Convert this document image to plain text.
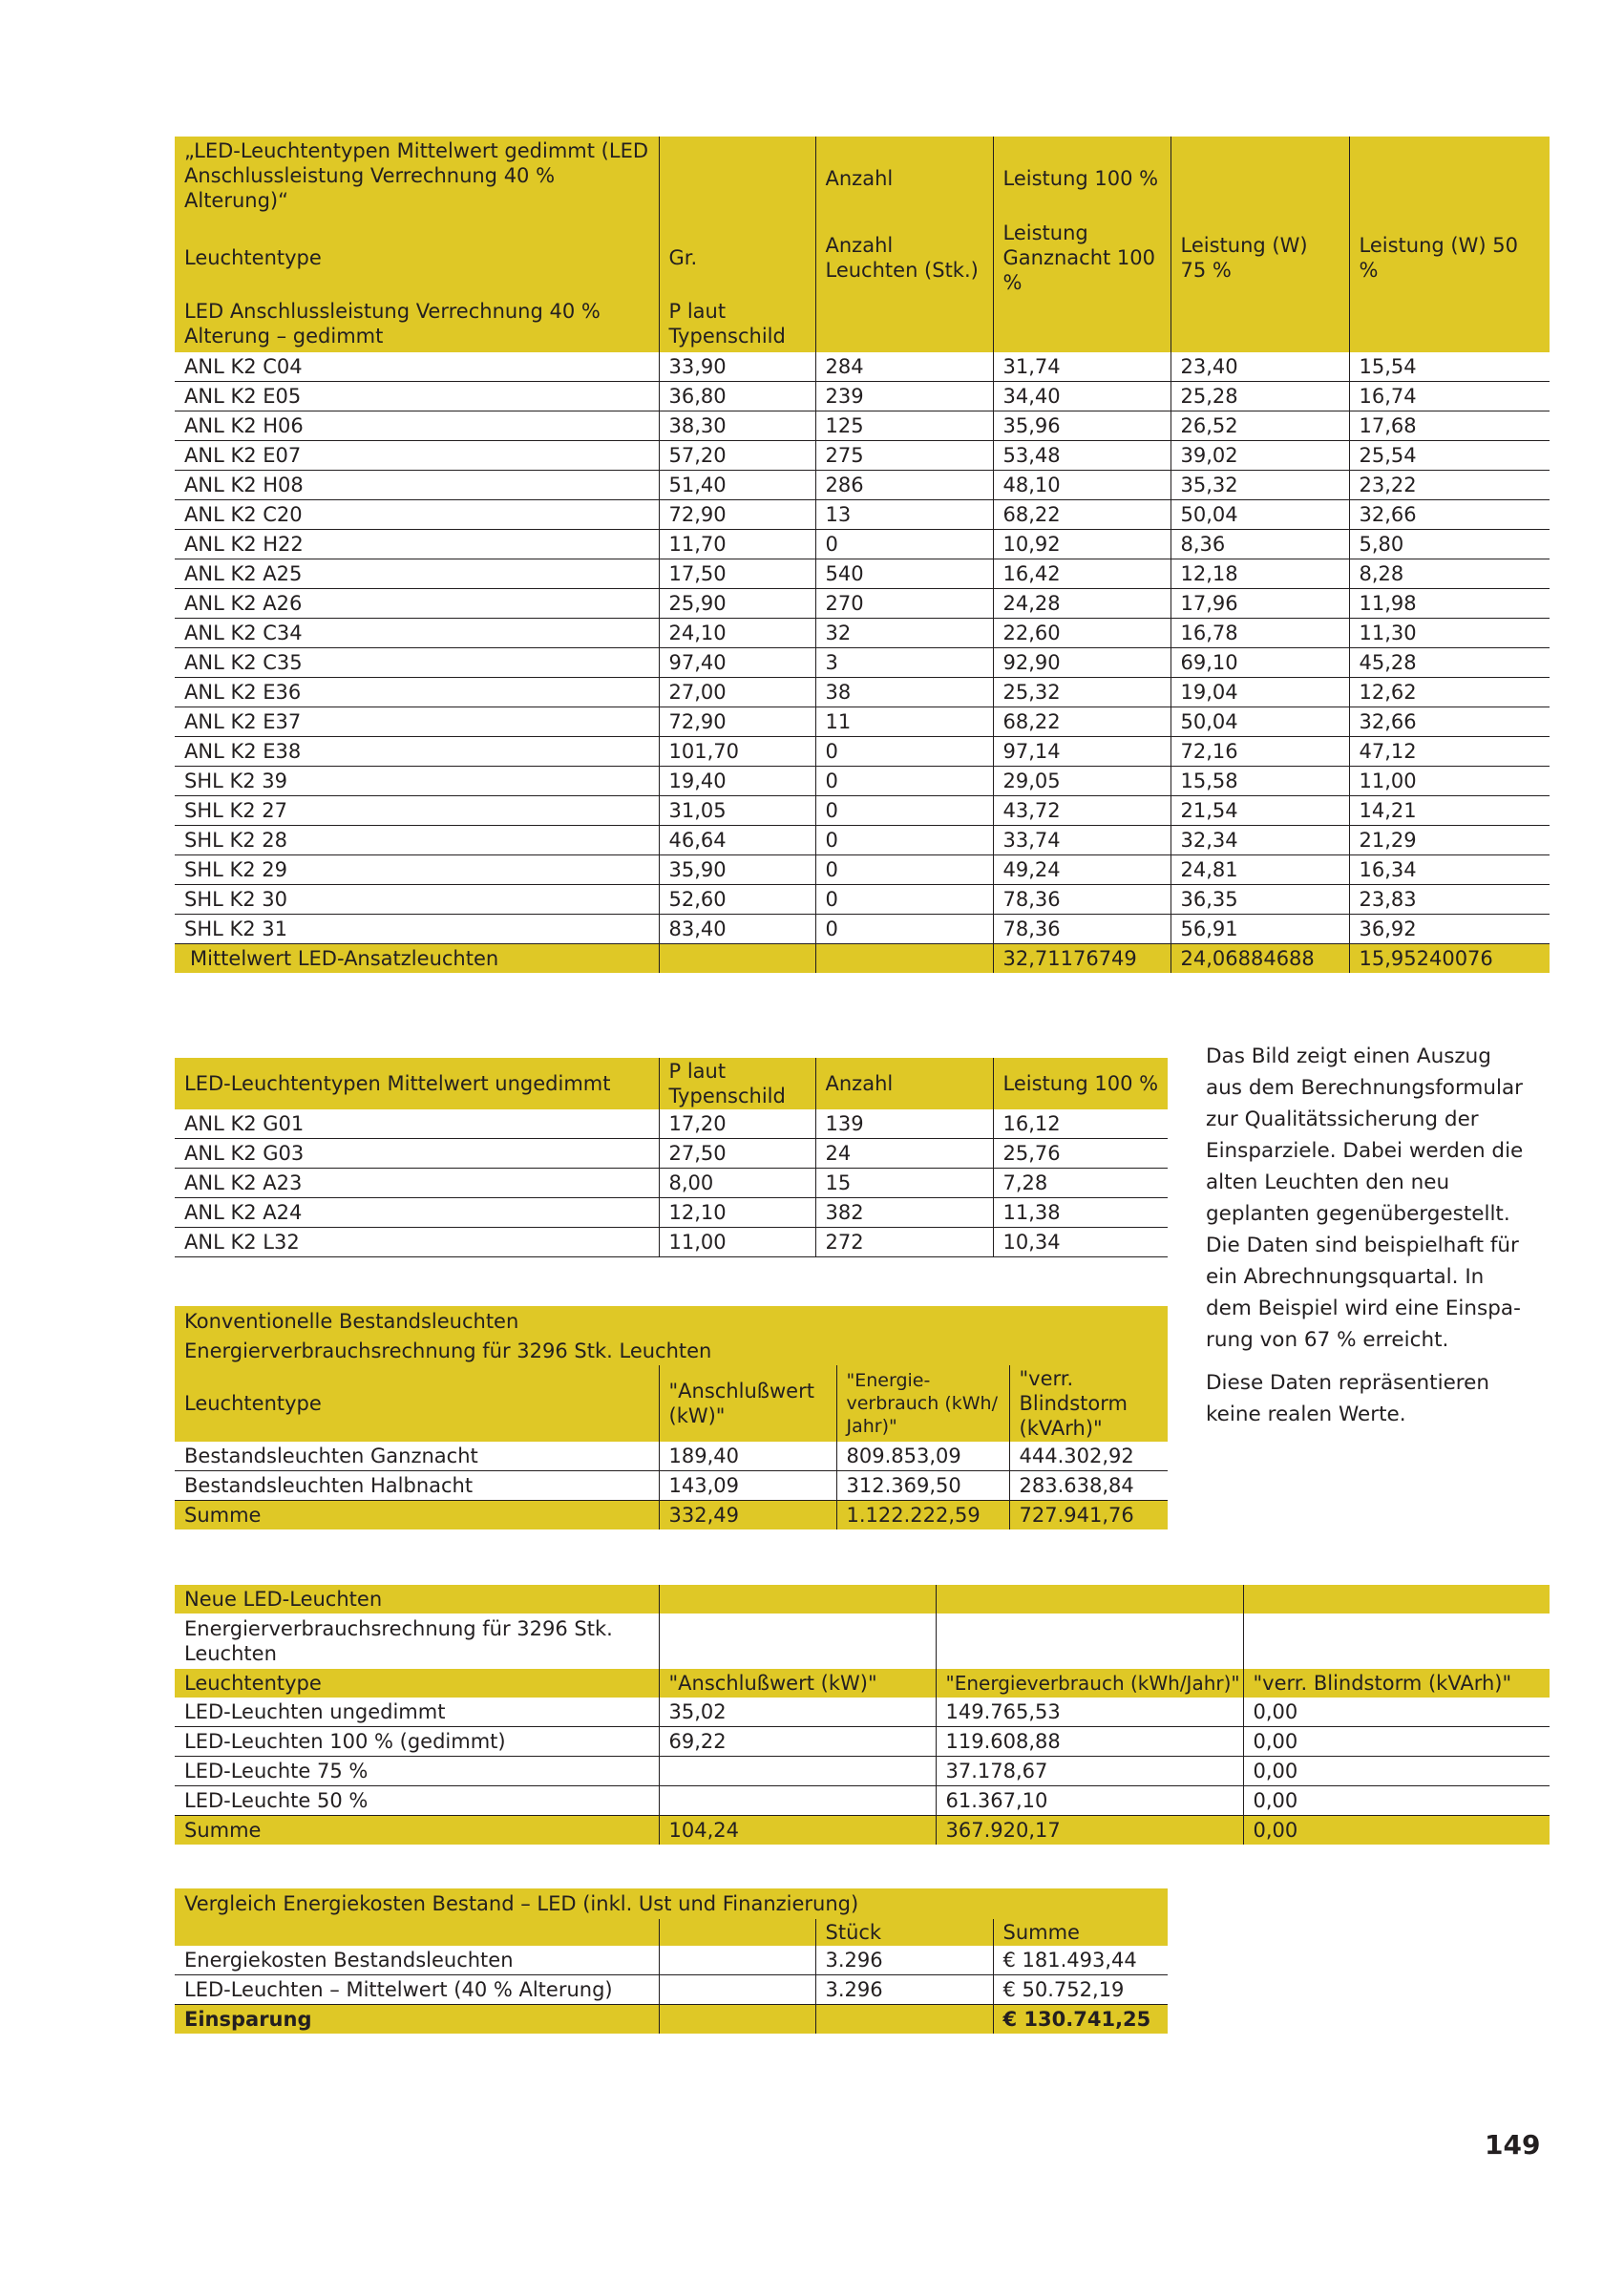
„LED-Leuchtentypen Mittelwert gedimmt (LED Anschlussleistung Verrechnung 40 % Alterung)“		Anzahl	Leistung 100 %		
Leuchtentype	Gr.	Anzahl Leuchten (Stk.)	Leistung Ganznacht 100 %	Leistung (W) 75 %	Leistung (W) 50 %
LED Anschlussleistung Verrechnung 40 % Alterung – gedimmt	P laut Typenschild				
ANL K2 C04	33,90	284	31,74	23,40	15,54
ANL K2 E05	36,80	239	34,40	25,28	16,74
ANL K2 H06	38,30	125	35,96	26,52	17,68
ANL K2 E07	57,20	275	53,48	39,02	25,54
ANL K2 H08	51,40	286	48,10	35,32	23,22
ANL K2 C20	72,90	13	68,22	50,04	32,66
ANL K2 H22	11,70	0	10,92	8,36	5,80
ANL K2 A25	17,50	540	16,42	12,18	8,28
ANL K2 A26	25,90	270	24,28	17,96	11,98
ANL K2 C34	24,10	32	22,60	16,78	11,30
ANL K2 C35	97,40	3	92,90	69,10	45,28
ANL K2 E36	27,00	38	25,32	19,04	12,62
ANL K2 E37	72,90	11	68,22	50,04	32,66
ANL K2 E38	101,70	0	97,14	72,16	47,12
SHL K2 39	19,40	0	29,05	15,58	11,00
SHL K2 27	31,05	0	43,72	21,54	14,21
SHL K2 28	46,64	0	33,74	32,34	21,29
SHL K2 29	35,90	0	49,24	24,81	16,34
SHL K2 30	52,60	0	78,36	36,35	23,83
SHL K2 31	83,40	0	78,36	56,91	36,92
Mittelwert LED-Ansatzleuchten			32,71176749	24,06884688	15,95240076
LED-Leuchtentypen Mittelwert ungedimmt	P laut Typenschild	Anzahl	Leistung 100 %
ANL K2 G01	17,20	139	16,12
ANL K2 G03	27,50	24	25,76
ANL K2 A23	8,00	15	7,28
ANL K2 A24	12,10	382	11,38
ANL K2 L32	11,00	272	10,34

Das Bild zeigt einen Auszug aus dem Berechnungsformular zur Qualitätssicherung der Einsparziele. Dabei werden die alten Leuchten den neu geplanten gegenübergestellt. Die Daten sind beispielhaft für ein Abrechnungsquartal. In dem Beispiel wird eine Einsparung von 67 % erreicht.

Diese Daten repräsentieren keine realen Werte.

Konventionelle Bestandsleuchten			
Energierverbrauchsrechnung für 3296 Stk. Leuchten			
Leuchtentype	"Anschlußwert (kW)"	"Energieverbrauch (kWh/ Jahr)"	"verr. Blindstorm (kVArh)"
Bestandsleuchten Ganznacht	189,40	809.853,09	444.302,92
Bestandsleuchten Halbnacht	143,09	312.369,50	283.638,84
Summe	332,49	1.122.222,59	727.941,76
Neue LED-Leuchten			
Energierverbrauchsrechnung für 3296 Stk. Leuchten			
Leuchtentype	"Anschlußwert (kW)"	"Energieverbrauch (kWh/Jahr)"	"verr. Blindstorm (kVArh)"
LED-Leuchten ungedimmt	35,02	149.765,53	0,00
LED-Leuchten 100 % (gedimmt)	69,22	119.608,88	0,00
LED-Leuchte 75 %		37.178,67	0,00
LED-Leuchte 50 %		61.367,10	0,00
Summe	104,24	367.920,17	0,00
Vergleich Energiekosten Bestand – LED (inkl. Ust und Finanzierung)			
		Stück	Summe
Energiekosten Bestandsleuchten		3.296	€ 181.493,44
LED-Leuchten – Mittelwert (40 % Alterung)		3.296	€ 50.752,19
Einsparung			€ 130.741,25
149
